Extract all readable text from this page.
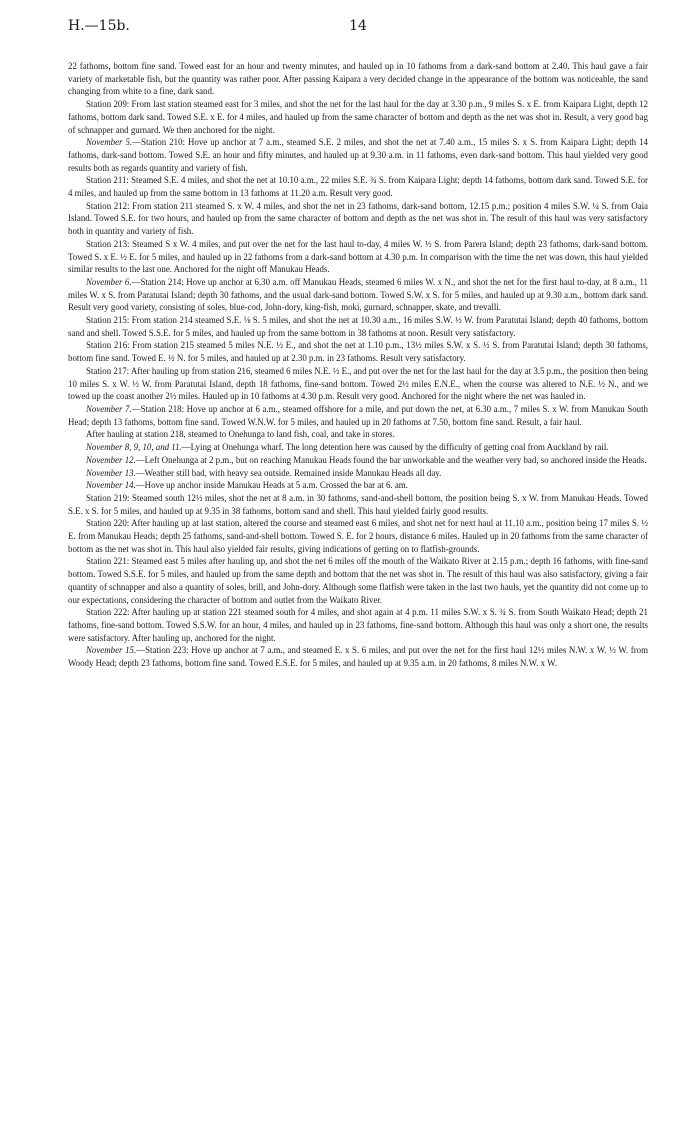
H.—15b.	14

22 fathoms, bottom fine sand. Towed east for an hour and twenty minutes, and hauled up in 10 fathoms from a dark-sand bottom at 2.40. This haul gave a fair variety of marketable fish, but the quantity was rather poor. After passing Kaipara a very decided change in the appearance of the bottom was noticeable, the sand changing from white to a fine, dark sand.

Station 209: From last station steamed east for 3 miles, and shot the net for the last haul for the day at 3.30 p.m., 9 miles S. x E. from Kaipara Light, depth 12 fathoms, bottom dark sand. Towed S.E. x E. for 4 miles, and hauled up from the same character of bottom and depth as the net was shot in. Result, a very good bag of schnapper and gurnard. We then anchored for the night.

November 5.—Station 210: Hove up anchor at 7 a.m., steamed S.E. 2 miles, and shot the net at 7.40 a.m., 15 miles S. x S. from Kaipara Light; depth 14 fathoms, dark-sand bottom. Towed S.E. an hour and fifty minutes, and hauled up at 9.30 a.m. in 11 fathoms, even dark-sand bottom. This haul yielded very good results both as regards quantity and variety of fish.

Station 211: Steamed S.E. 4 miles, and shot the net at 10.10 a.m., 22 miles S.E. ¾ S. from Kaipara Light; depth 14 fathoms, bottom dark sand. Towed S.E. for 4 miles, and hauled up from the same bottom in 13 fathoms at 11.20 a.m. Result very good.

Station 212: From station 211 steamed S. x W. 4 miles, and shot the net in 23 fathoms, dark-sand bottom, 12.15 p.m.; position 4 miles S.W. ¼ S. from Oaia Island. Towed S.E. for two hours, and hauled up from the same character of bottom and depth as the net was shot in. The result of this haul was very satisfactory both in quantity and variety of fish.

Station 213: Steamed S x W. 4 miles, and put over the net for the last haul to-day, 4 miles W. ½ S. from Parera Island; depth 23 fathoms, dark-sand bottom. Towed S. x E. ½ E. for 5 miles, and hauled up in 22 fathoms from a dark-sand bottom at 4.30 p.m. In comparison with the time the net was down, this haul yielded similar results to the last one. Anchored for the night off Manukau Heads.

November 6.—Station 214: Hove up anchor at 6.30 a.m. off Manukau Heads, steamed 6 miles W. x N., and shot the net for the first haul to-day, at 8 a.m., 11 miles W. x S. from Paratutai Island; depth 30 fathoms, and the usual dark-sand bottom. Towed S.W. x S. for 5 miles, and hauled up at 9.30 a.m., bottom dark sand. Result very good variety, consisting of soles, blue-cod, John-dory, king-fish, moki, gurnard, schnapper, skate, and trevalli.

Station 215: From station 214 steamed S.E. ⅛ S. 5 miles, and shot the net at 10.30 a.m., 16 miles S.W. ½ W. from Paratutai Island; depth 40 fathoms, bottom sand and shell. Towed S.S.E. for 5 miles, and hauled up from the same bottom in 38 fathoms at noon. Result very satisfactory.

Station 216: From station 215 steamed 5 miles N.E. ½ E., and shot the net at 1.10 p.m., 13½ miles S.W. x S. ½ S. from Paratutai Island; depth 30 fathoms, bottom fine sand. Towed E. ½ N. for 5 miles, and hauled up at 2.30 p.m. in 23 fathoms. Result very satisfactory.

Station 217: After hauling up from station 216, steamed 6 miles N.E. ½ E., and put over the net for the last haul for the day at 3.5 p.m., the position then being 10 miles S. x W. ½ W. from Paratutai Island, depth 18 fathoms, fine-sand bottom. Towed 2½ miles E.N.E., when the course was altered to N.E. ½ N., and we towed up the coast another 2½ miles. Hauled up in 10 fathoms at 4.30 p.m. Result very good. Anchored for the night where the net was hauled in.

November 7.—Station 218: Hove up anchor at 6 a.m., steamed offshore for a mile, and put down the net, at 6.30 a.m., 7 miles S. x W. from Manukau South Head; depth 13 fathoms, bottom fine sand. Towed W.N.W. for 5 miles, and hauled up in 20 fathoms at 7.50, bottom fine sand. Result, a fair haul.

After hauling at station 218, steamed to Onehunga to land fish, coal, and take in stores.

November 8, 9, 10, and 11.—Lying at Onehunga wharf. The long detention here was caused by the difficulty of getting coal from Auckland by rail.

November 12.—Left Onehunga at 2 p.m., but on reaching Manukau Heads found the bar unworkable and the weather very bad, so anchored inside the Heads.

November 13.—Weather still bad, with heavy sea outside. Remained inside Manukau Heads all day.

November 14.—Hove up anchor inside Manukau Heads at 5 a.m. Crossed the bar at 6. am.

Station 219: Steamed south 12½ miles, shot the net at 8 a.m. in 30 fathoms, sand-and-shell bottom, the position being S. x W. from Manukau Heads. Towed S.E. x S. for 5 miles, and hauled up at 9.35 in 38 fathoms, bottom sand and shell. This haul yielded fairly good results.

Station 220: After hauling up at last station, altered the course and steamed east 6 miles, and shot net for next haul at 11.10 a.m., position being 17 miles S. ½ E. from Manukau Heads; depth 25 fathoms, sand-and-shell bottom. Towed S. E. for 2 hours, distance 6 miles. Hauled up in 20 fathoms from the same character of bottom as the net was shot in. This haul also yielded fair results, giving indications of getting on to flatfish-grounds.

Station 221: Steamed east 5 miles after hauling up, and shot the net 6 miles off the mouth of the Waikato River at 2.15 p.m.; depth 16 fathoms, with fine-sand bottom. Towed S.S.E. for 5 miles, and hauled up from the same depth and bottom that the net was shot in. The result of this haul was also satisfactory, giving a fair quantity of schnapper and also a quantity of soles, brill, and John-dory. Although some flatfish were taken in the last two hauls, yet the quantity did not come up to our expectations, considering the character of bottom and outlet from the Waikato River.

Station 222: After hauling up at station 221 steamed south for 4 miles, and shot again at 4 p.m. 11 miles S.W. x S. ¾ S. from South Waikato Head; depth 21 fathoms, fine-sand bottom. Towed S.S.W. for an hour, 4 miles, and hauled up in 23 fathoms, fine-sand bottom. Although this haul was only a short one, the results were satisfactory. After hauling up, anchored for the night.

November 15.—Station 223: Hove up anchor at 7 a.m., and steamed E. x S. 6 miles, and put over the net for the first haul 12½ miles N.W. x W. ½ W. from Woody Head; depth 23 fathoms, bottom fine sand. Towed E.S.E. for 5 miles, and hauled up at 9.35 a.m. in 20 fathoms, 8 miles N.W. x W.
